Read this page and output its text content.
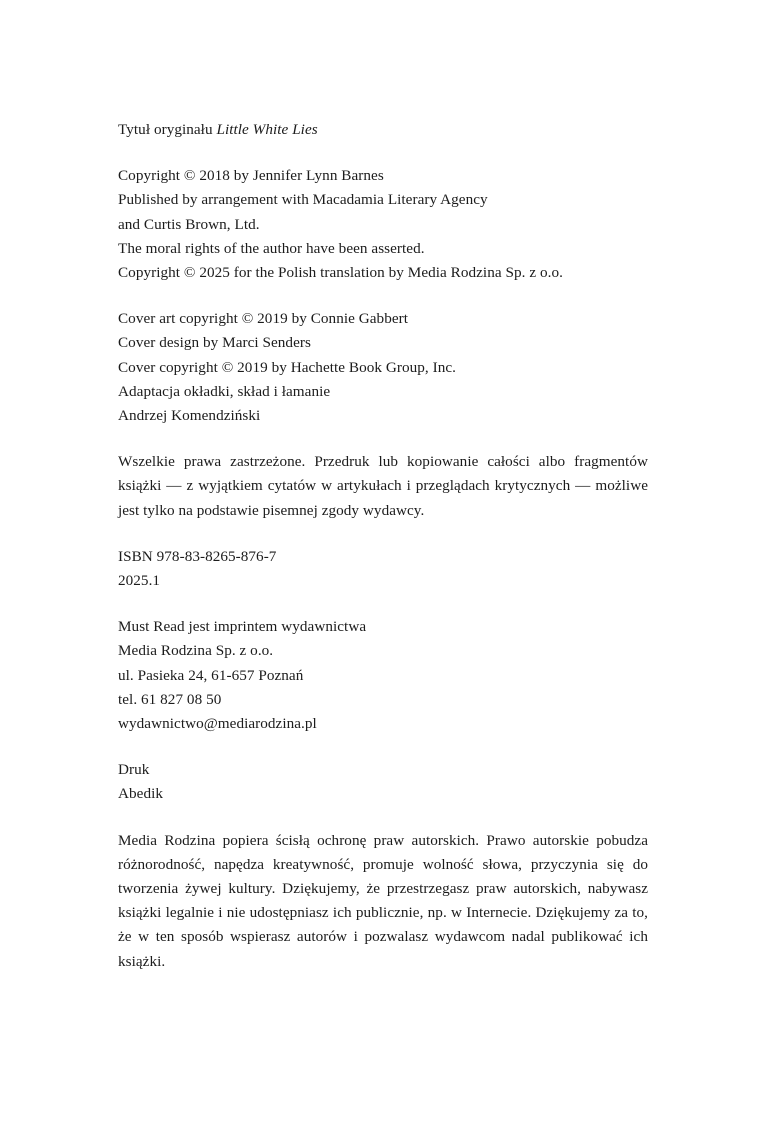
Tytuł oryginału Little White Lies

Copyright © 2018 by Jennifer Lynn Barnes
Published by arrangement with Macadamia Literary Agency
and Curtis Brown, Ltd.
The moral rights of the author have been asserted.
Copyright © 2025 for the Polish translation by Media Rodzina Sp. z o.o.

Cover art copyright © 2019 by Connie Gabbert
Cover design by Marci Senders
Cover copyright © 2019 by Hachette Book Group, Inc.
Adaptacja okładki, skład i łamanie
Andrzej Komendziński

Wszelkie prawa zastrzeżone. Przedruk lub kopiowanie całości albo fragmentów książki — z wyjątkiem cytatów w artykułach i przeglądach krytycznych — możliwe jest tylko na podstawie pisemnej zgody wydawcy.

ISBN 978-83-8265-876-7
2025.1

Must Read jest imprintem wydawnictwa
Media Rodzina Sp. z o.o.
ul. Pasieka 24, 61-657 Poznań
tel. 61 827 08 50
wydawnictwo@mediarodzina.pl

Druk
Abedik

Media Rodzina popiera ścisłą ochronę praw autorskich. Prawo autorskie pobudza różnorodność, napędza kreatywność, promuje wolność słowa, przyczynia się do tworzenia żywej kultury. Dziękujemy, że przestrzegasz praw autorskich, nabywasz książki legalnie i nie udostępniasz ich publicznie, np. w Internecie. Dziękujemy za to, że w ten sposób wspierasz autorów i pozwalasz wydawcom nadal publikować ich książki.
